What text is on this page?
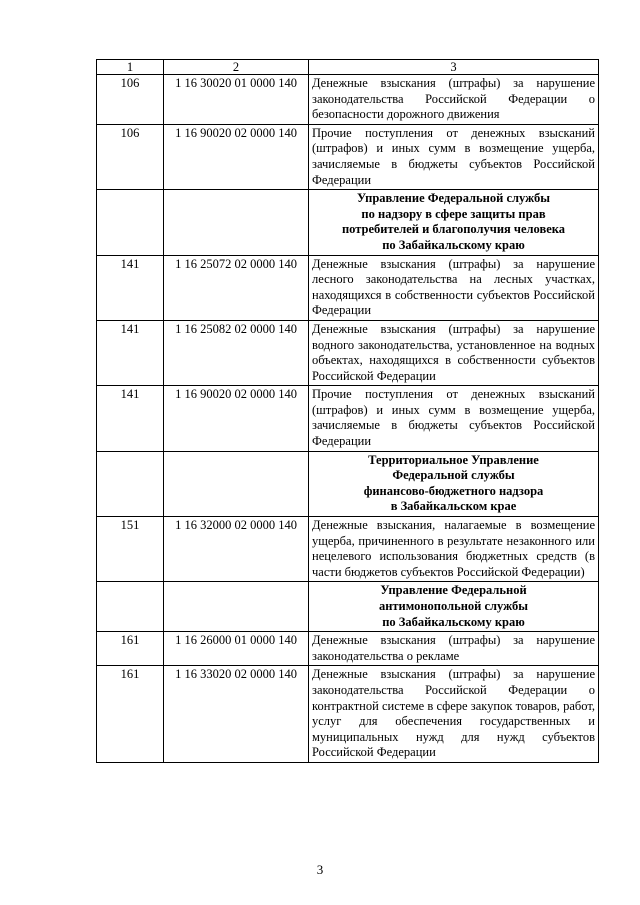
1	2	3
106	1 16 30020 01 0000 140	Денежные взыскания (штрафы) за нарушение законодательства Российской Федерации о безопасности дорожного движения
106	1 16 90020 02 0000 140	Прочие поступления от денежных взысканий (штрафов) и иных сумм в возмещение ущерба, зачисляемые в бюджеты субъектов Российской Федерации

		Управление Федеральной службы
по надзору в сфере защиты прав
потребителей и благополучия человека
по Забайкальскому краю

141	1 16 25072 02 0000 140	Денежные взыскания (штрафы) за нарушение лесного законодательства на лесных участках, находящихся в собственности субъектов Российской Федерации
141	1 16 25082 02 0000 140	Денежные взыскания (штрафы) за нарушение водного законодательства, установленное на водных объектах, находящихся в собственности субъектов Российской Федерации
141	1 16 90020 02 0000 140	Прочие поступления от денежных взысканий (штрафов) и иных сумм в возмещение ущерба, зачисляемые в бюджеты субъектов Российской Федерации

		Территориальное Управление
Федеральной службы
финансово-бюджетного надзора
в Забайкальском крае

151	1 16 32000 02 0000 140	Денежные взыскания, налагаемые в возмещение ущерба, причиненного в результате незаконного или нецелевого использования бюджетных средств (в части бюджетов субъектов Российской Федерации)

		Управление Федеральной
антимонопольной службы
по Забайкальскому краю

161	1 16 26000 01 0000 140	Денежные взыскания (штрафы) за нарушение законодательства о рекламе
161	1 16 33020 02 0000 140	Денежные взыскания (штрафы) за нарушение законодательства Российской Федерации о контрактной системе в сфере закупок товаров, работ, услуг для обеспечения государственных и муниципальных нужд для нужд субъектов Российской Федерации
3
